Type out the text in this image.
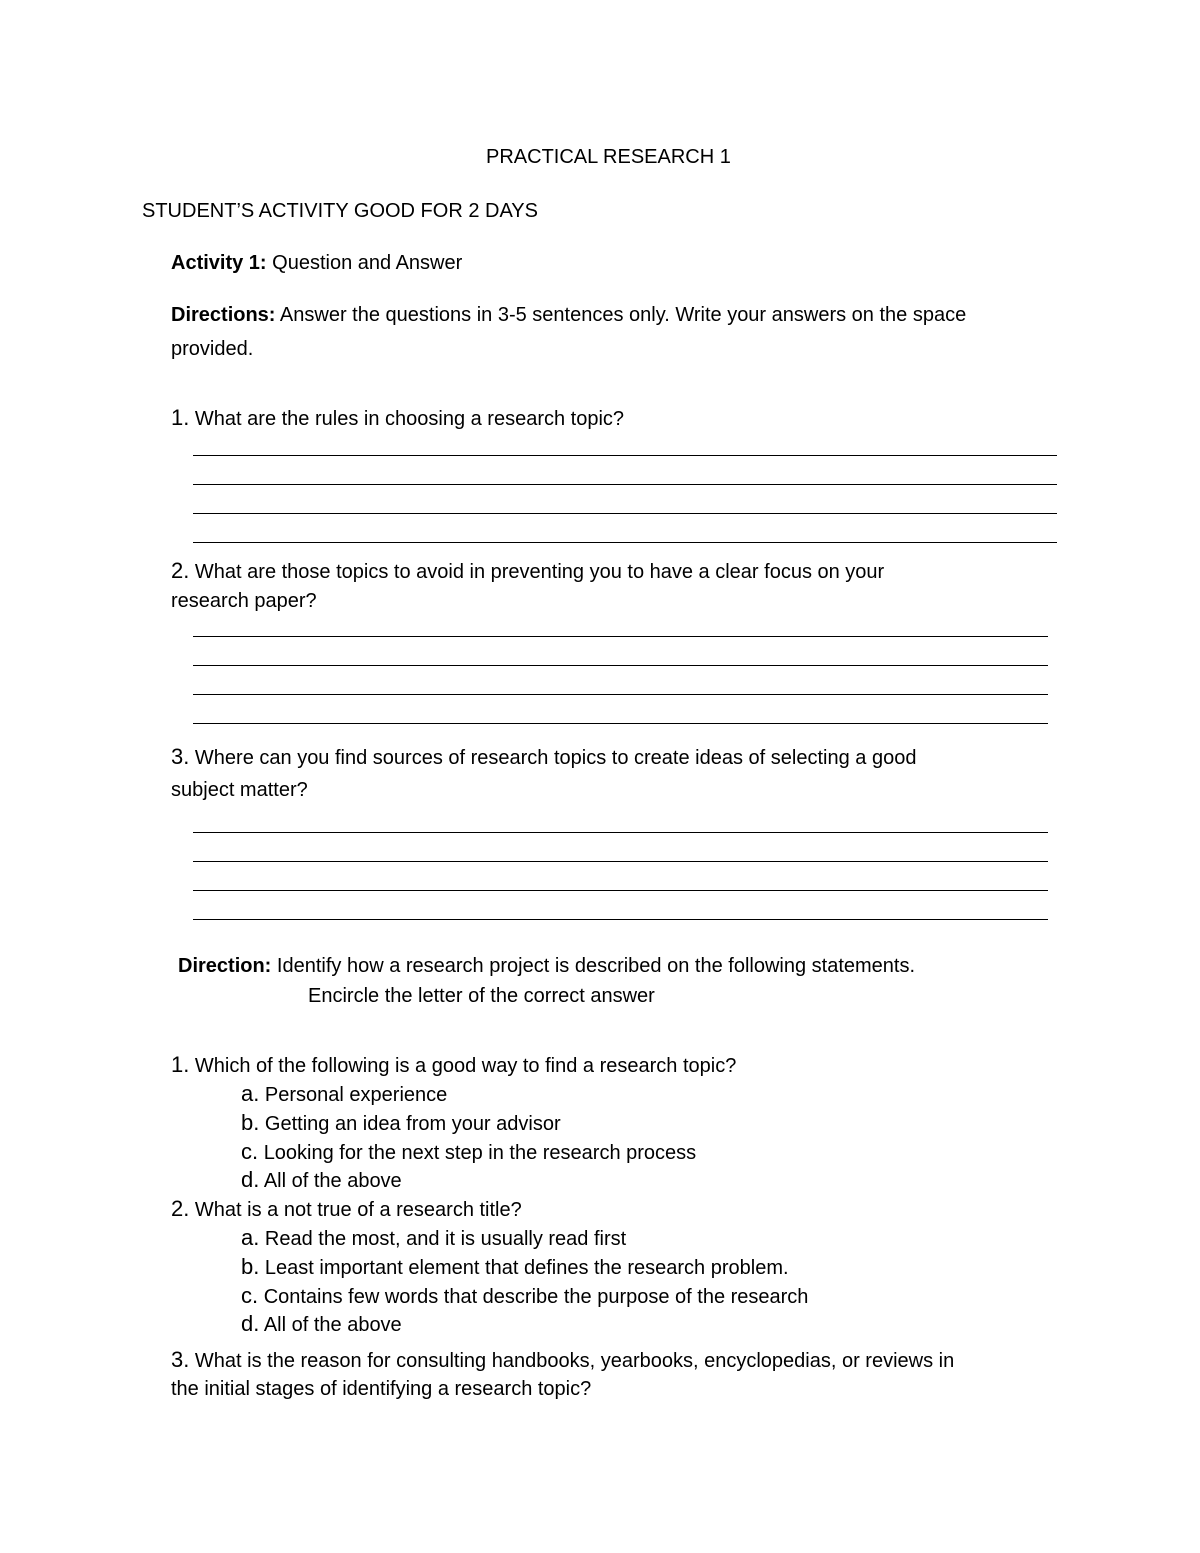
PRACTICAL RESEARCH 1
STUDENT’S ACTIVITY GOOD FOR 2 DAYS
Activity 1: Question and Answer
Directions: Answer the questions in 3-5 sentences only. Write your answers on the space
provided.
1. What are the rules in choosing a research topic?
2. What are those topics to avoid in preventing you to have a clear focus on your
research paper?
3. Where can you find sources of research topics to create ideas of selecting a good
subject matter?
Direction: Identify how a research project is described on the following statements.
Encircle the letter of the correct answer
1. Which of the following is a good way to find a research topic?
a. Personal experience
b. Getting an idea from your advisor
c. Looking for the next step in the research process
d. All of the above
2. What is a not true of a research title?
a. Read the most, and it is usually read first
b. Least important element that defines the research problem.
c. Contains few words that describe the purpose of the research
d. All of the above
3. What is the reason for consulting handbooks, yearbooks, encyclopedias, or reviews in
the initial stages of identifying a research topic?
